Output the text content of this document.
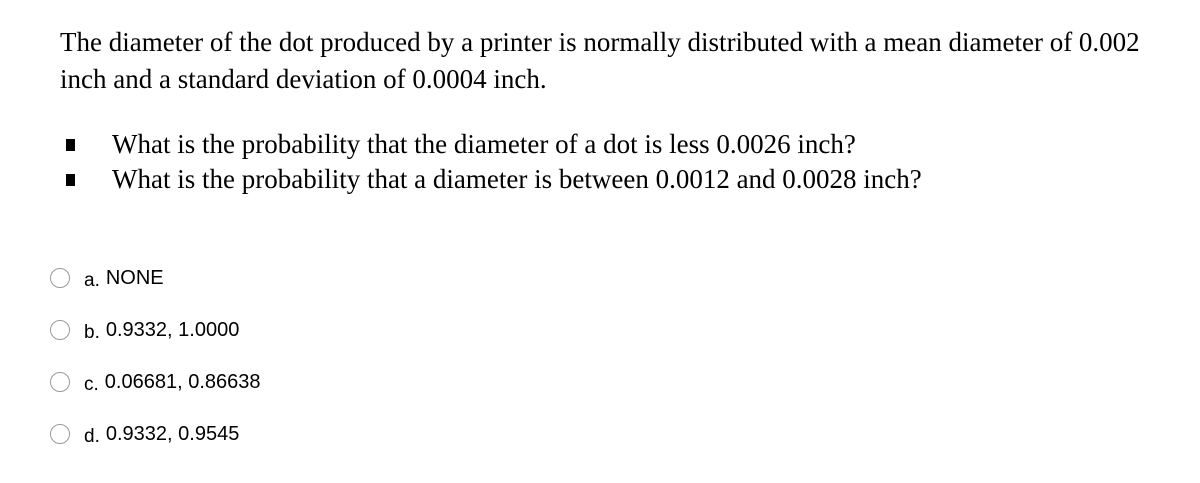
The diameter of the dot produced by a printer is normally distributed with a mean diameter of 0.002 inch and a standard deviation of 0.0004 inch.

What is the probability that the diameter of a dot is less 0.0026 inch?
What is the probability that a diameter is between 0.0012 and 0.0028 inch?
a. NONE
b. 0.9332, 1.0000
c. 0.06681, 0.86638
d. 0.9332, 0.9545
